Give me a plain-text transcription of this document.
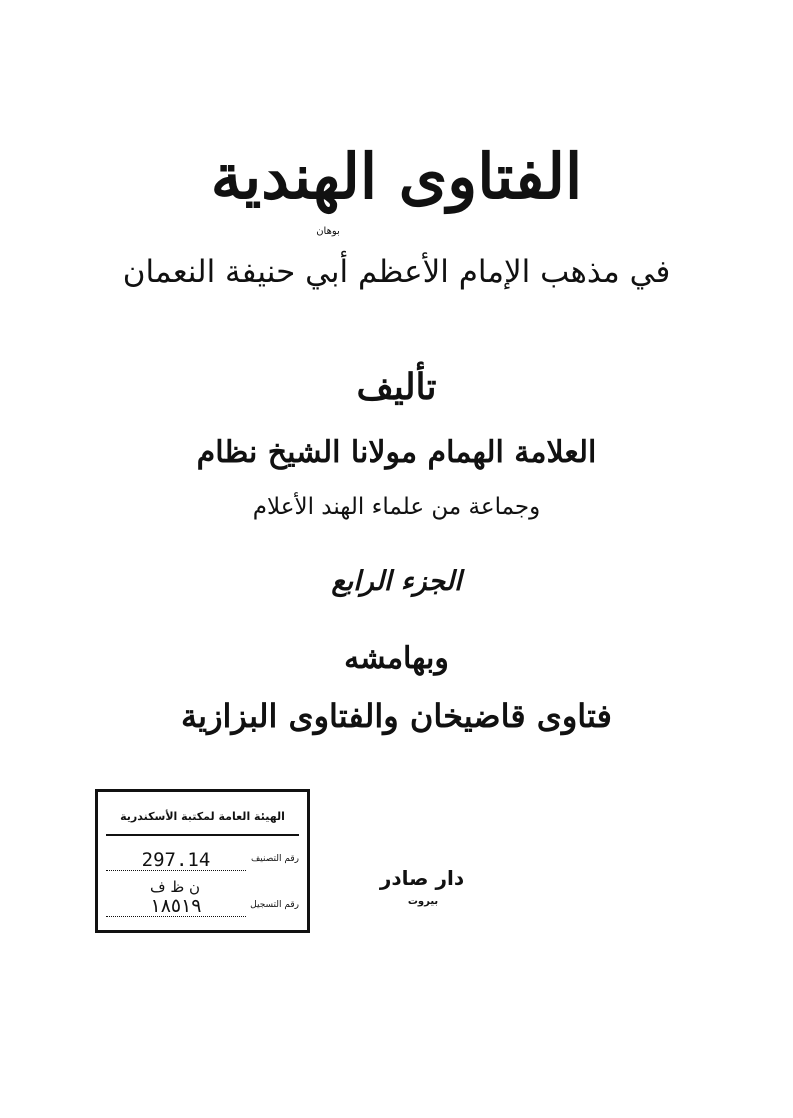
الفتاوى الهندية
بوهان
في مذهب الإمام الأعظم أبي حنيفة النعمان
تأليف
العلامة الهمام مولانا الشيخ نظام
وجماعة من علماء الهند الأعلام
الجزء الرابع
وبهامشه
فتاوى قاضيخان والفتاوى البزازية
الهيئة العامة لمكتبة الأسكندرية
رقم التصنيف
297.14
رقم التسجيل
١٨٥١٩
ن ظ ف	دار صادر
بيروت
